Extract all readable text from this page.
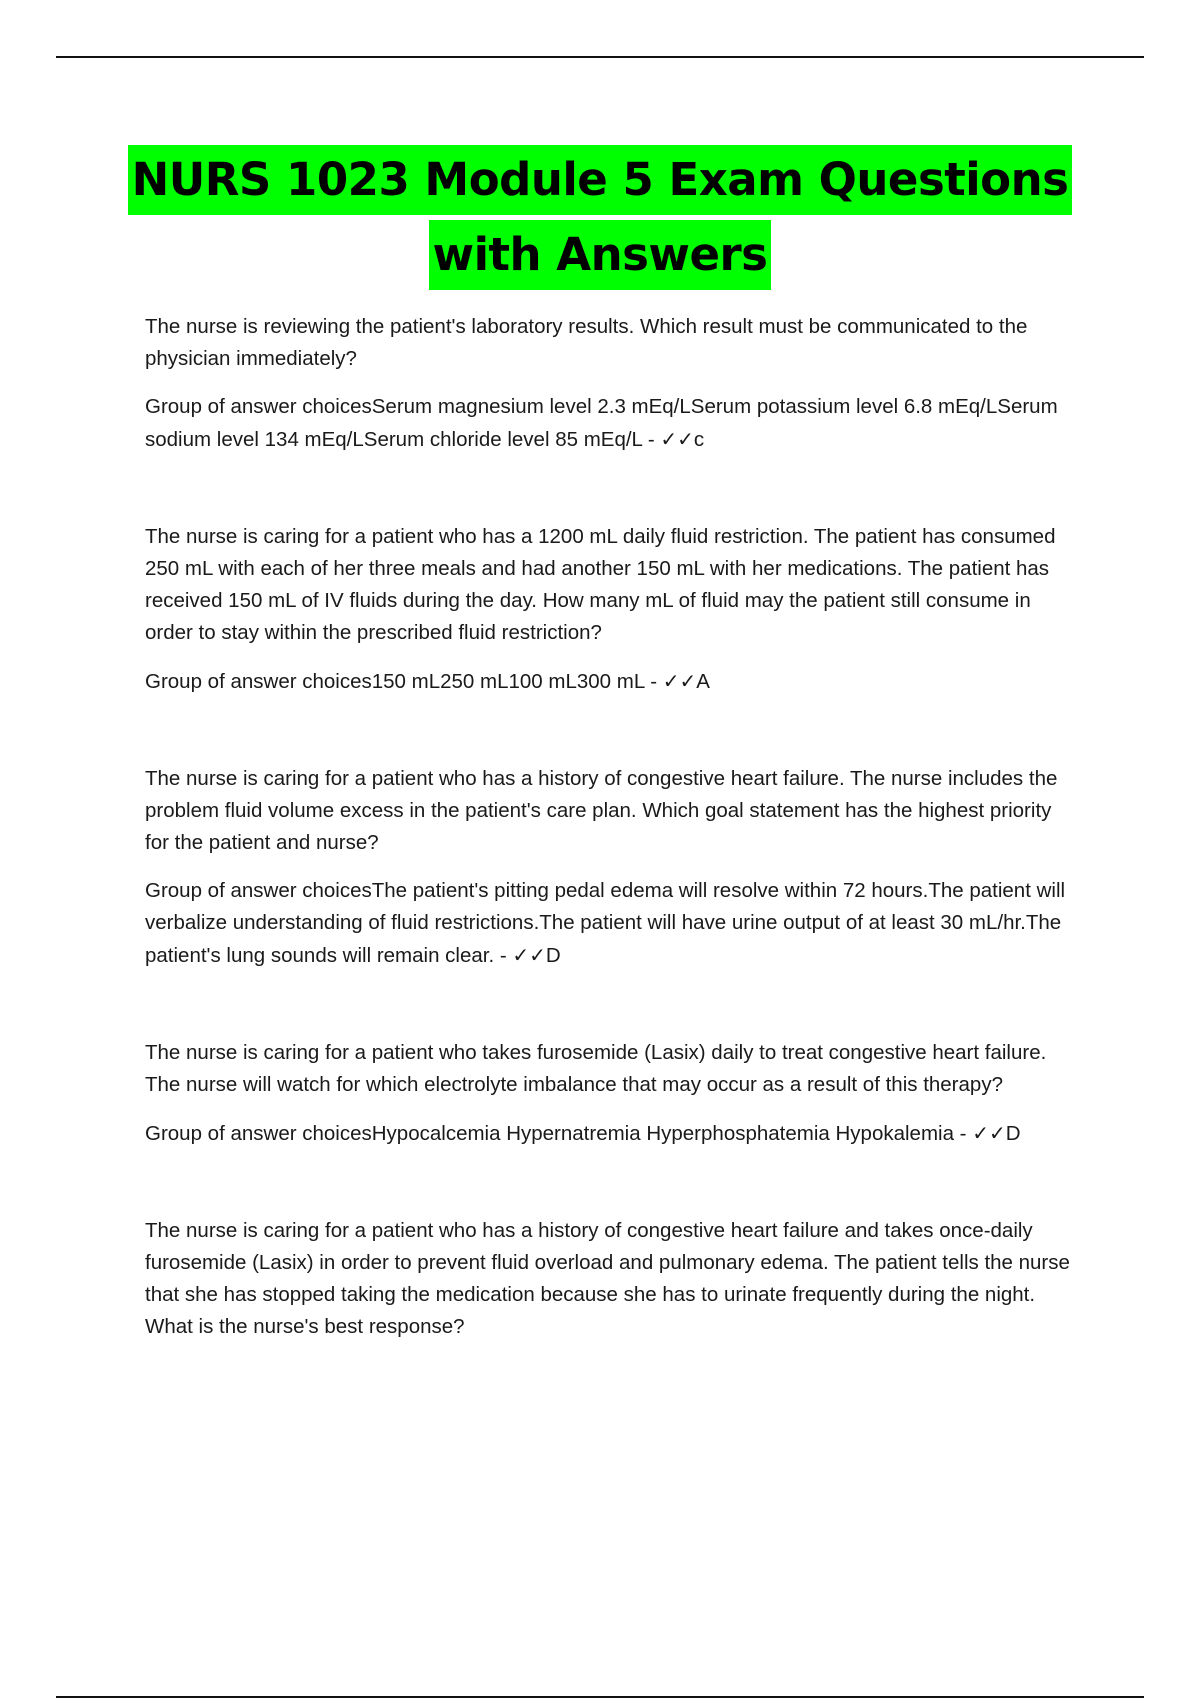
NURS 1023 Module 5 Exam Questions
with Answers

The nurse is reviewing the patient's laboratory results. Which result must be communicated to the physician immediately?

Group of answer choicesSerum magnesium level 2.3 mEq/LSerum potassium level 6.8 mEq/LSerum sodium level 134 mEq/LSerum chloride level 85 mEq/L - ✓✓c

The nurse is caring for a patient who has a 1200 mL daily fluid restriction. The patient has consumed 250 mL with each of her three meals and had another 150 mL with her medications. The patient has received 150 mL of IV fluids during the day. How many mL of fluid may the patient still consume in order to stay within the prescribed fluid restriction?

Group of answer choices150 mL250 mL100 mL300 mL - ✓✓A

The nurse is caring for a patient who has a history of congestive heart failure. The nurse includes the problem fluid volume excess in the patient's care plan. Which goal statement has the highest priority for the patient and nurse?

Group of answer choicesThe patient's pitting pedal edema will resolve within 72 hours.The patient will verbalize understanding of fluid restrictions.The patient will have urine output of at least 30 mL/hr.The patient's lung sounds will remain clear. - ✓✓D

The nurse is caring for a patient who takes furosemide (Lasix) daily to treat congestive heart failure. The nurse will watch for which electrolyte imbalance that may occur as a result of this therapy?

Group of answer choicesHypocalcemia Hypernatremia Hyperphosphatemia Hypokalemia - ✓✓D

The nurse is caring for a patient who has a history of congestive heart failure and takes once-daily furosemide (Lasix) in order to prevent fluid overload and pulmonary edema. The patient tells the nurse that she has stopped taking the medication because she has to urinate frequently during the night. What is the nurse's best response?
